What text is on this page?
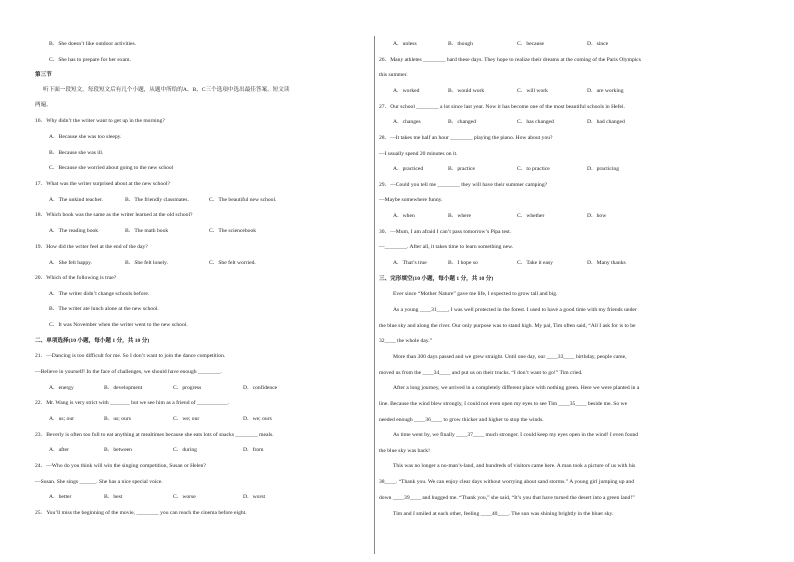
B．She doesn’t like outdoor activities.
C．She has to prepare for her exam.
第三节
听下面一段短文。每段短文后有几个小题，从题中所给的A、B、C三个选项中选出最佳答案。短文读
两遍。
16．Why didn’t the writer want to get up in the morning?
A．Because she was too sleepy.
B．Because she was ill.
C．Because she worried about going to the new school
17．What was the writer surprised about at the new school?
A．The unkind teacher.	B．The friendly classmates.	C．The beautiful new school.
18．Which book was the same as the writer learned at the old school?
A．The reading book	B．The math book	C．The sciencebook
19．How did the writer feel at the end of the day?
A．She felt happy.	B．She felt lonely.	C．She felt worried.
20．Which of the following is true?
A．The writer didn’t change schools before.
B．The writer ate lunch alone at the new school.
C．It was November when the writer went to the new school.
二、单项选择(10 小题，每小题 1 分，共 10 分)
21．—Dancing is too difficult for me. So I don’t want to join the dance competition.
—Believe in yourself! In the face of challenges, we should have enough ________.
A．energy	B．development	C．progress	D．confidence
22．Mr. Wang is very strict with _______ but we see him as a friend of ___________.
A．us; our	B．us; ours	C．we; our	D．we; ours
23．Beverly is often too full to eat anything at mealtimes because she eats lots of snacks ________ meals.
A．after	B．between	C．during	D．from
24．—Who do you think will win the singing competition, Susan or Helen?
—Susan. She sings ______. She has a nice special voice.
A．better	B．best	C．worse	D．worst
25．You’ll miss the beginning of the movie, ________ you can reach the cinema before eight.
A．unless	B．though	C．because	D．since
26．Many athletes ________ hard these days. They hope to realize their dreams at the coming of the Paris Olympics
this summer.
A．worked	B．would work	C．will work	D．are working
27．Our school ________ a lot since last year. Now it has become one of the most beautiful schools in Hefei.
A．changes	B．changed	C．has changed	D．had changed
28．—It takes me half an hour ________ playing the piano. How about you?
—I usually spend 20 minutes on it.
A．practiced	B．practice	C．to practice	D．practicing
29．—Could you tell me ________ they will have their summer camping?
—Maybe somewhere funny.
A．when	B．where	C．whether	D．how
30．—Mum, I am afraid I can’t pass tomorrow’s Pipa test.
—________. After all, it takes time to learn something new.
A．That’s true	B．I hope so	C．Take it easy	D．Many thanks
三、完形填空(10 小题，每小题 1 分，共 10 分)
Ever since “Mother Nature” gave me life, I expected to grow tall and big.
As a young ____31____, I was well protected in the forest. I used to have a good time with my friends under
the blue sky and along the river. Our only purpose was to stand high. My pal, Tim often said, “All I ask for is to be
32____ the whole day.”
More than 300 days passed and we grew straight. Until one day, our ____33____ birthday, people came,
moved us from the ____34____ and put us on their trucks. “I don’t want to go!” Tim cried.
After a long journey, we arrived in a completely different place with nothing green. Here we were planted in a
line. Because the wind blew strongly, I could not even open my eyes to see Tim ____35____ beside me. So we
needed enough ____36____ to grow thicker and higher to stop the winds.
As time went by, we finally ____37____ much stronger. I could keep my eyes open in the wind! I even found
the blue sky was back!
This was no longer a no-man’s-land, and hundreds of visitors came here. A man took a picture of us with his
38____. “Thank you. We can enjoy clear days without worrying about sand storms.” A young girl jumping up and
down ____39____ and hugged me. “Thank you,” she said, “It’s you that have turned the desert into a green land!”
Tim and I smiled at each other, feeling ____40____. The sun was shining brightly in the bluer sky.
